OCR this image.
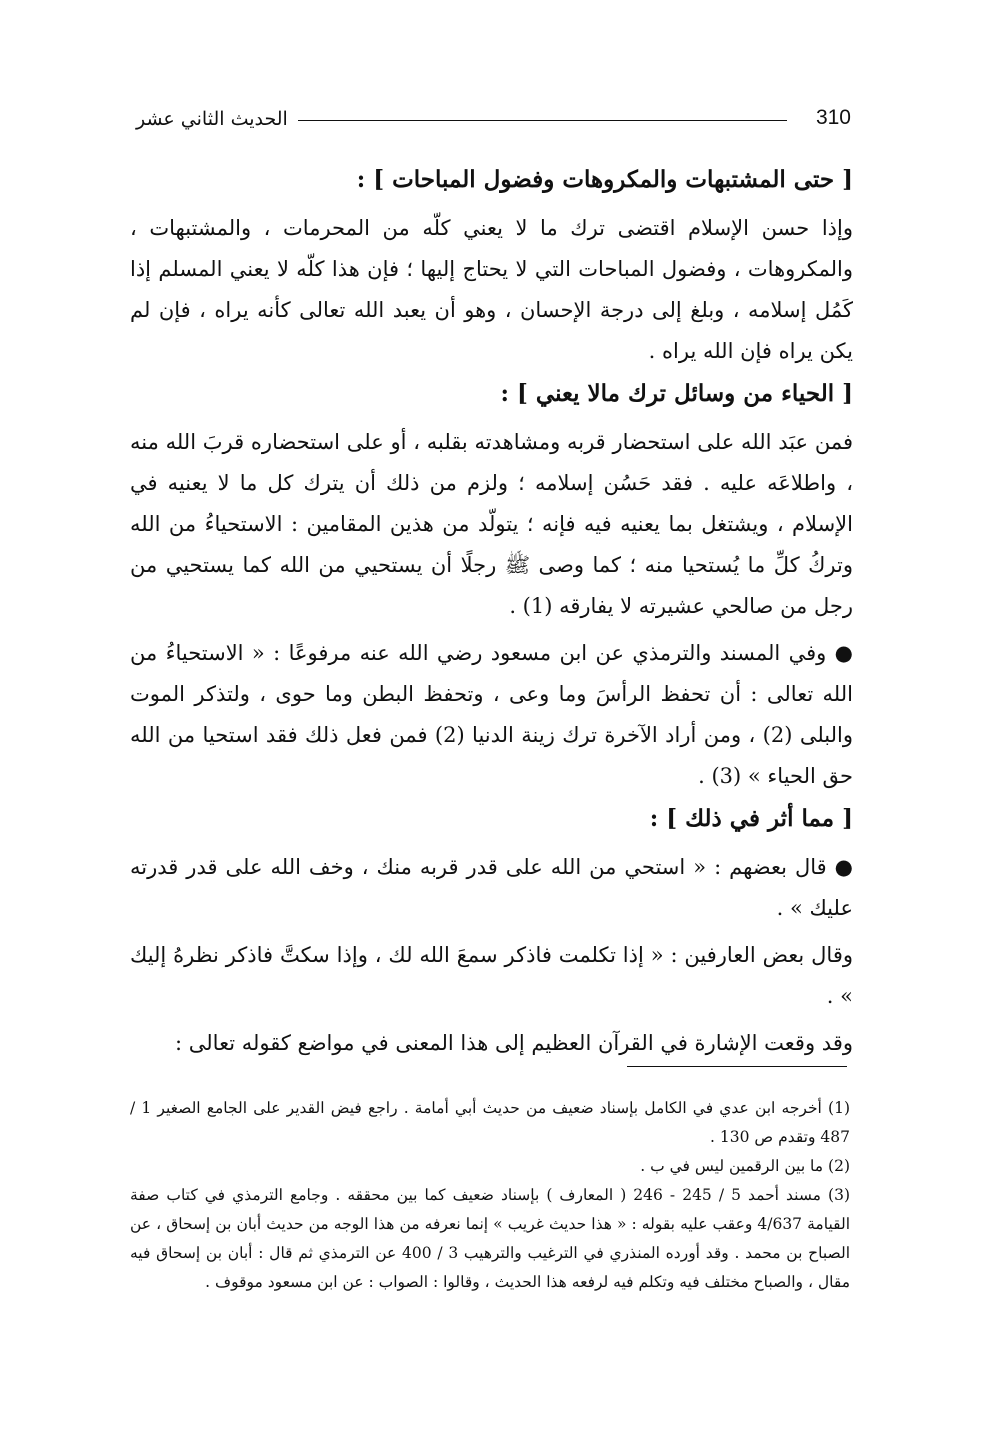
310
الحديث الثاني عشر

[ حتى المشتبهات والمكروهات وفضول المباحات ] :

وإذا حسن الإسلام اقتضى ترك ما لا يعني كلّه من المحرمات ، والمشتبهات ، والمكروهات ، وفضول المباحات التي لا يحتاج إليها ؛ فإن هذا كلّه لا يعني المسلم إذا كَمُل إسلامه ، وبلغ إلى درجة الإحسان ، وهو أن يعبد الله تعالى كأنه يراه ، فإن لم يكن يراه فإن الله يراه .

[ الحياء من وسائل ترك مالا يعني ] :

فمن عبَد الله على استحضار قربه ومشاهدته بقلبه ، أو على استحضاره قربَ الله منه ، واطلاعَه عليه . فقد حَسُن إسلامه ؛ ولزم من ذلك أن يترك كل ما لا يعنيه في الإسلام ، ويشتغل بما يعنيه فيه فإنه ؛ يتولّد من هذين المقامين : الاستحياءُ من الله وتركُ كلِّ ما يُستحيا منه ؛ كما وصى ﷺ رجلًا أن يستحيي من الله كما يستحيي من رجل من صالحي عشيرته لا يفارقه (1) .

● وفي المسند والترمذي عن ابن مسعود رضي الله عنه مرفوعًا : « الاستحياءُ من الله تعالى : أن تحفظ الرأسَ وما وعى ، وتحفظ البطن وما حوى ، ولتذكر الموت والبلى (2) ، ومن أراد الآخرة ترك زينة الدنيا (2) فمن فعل ذلك فقد استحيا من الله حق الحياء » (3) .

[ مما أثر في ذلك ] :

● قال بعضهم : « استحي من الله على قدر قربه منك ، وخف الله على قدر قدرته عليك » .

وقال بعض العارفين : « إذا تكلمت فاذكر سمعَ الله لك ، وإذا سكتَّ فاذكر نظرهُ إليك » .

وقد وقعت الإشارة في القرآن العظيم إلى هذا المعنى في مواضع كقوله تعالى :

(1) أخرجه ابن عدي في الكامل بإسناد ضعيف من حديث أبي أمامة . راجع فيض القدير على الجامع الصغير 1 / 487 وتقدم ص 130 .

(2) ما بين الرقمين ليس في ب .

(3) مسند أحمد 5 / 245 - 246 ( المعارف ) بإسناد ضعيف كما بين محققه . وجامع الترمذي في كتاب صفة القيامة 4/637 وعقب عليه بقوله : « هذا حديث غريب » إنما نعرفه من هذا الوجه من حديث أبان بن إسحاق ، عن الصباح بن محمد . وقد أورده المنذري في الترغيب والترهيب 3 / 400 عن الترمذي ثم قال : أبان بن إسحاق فيه مقال ، والصباح مختلف فيه وتكلم فيه لرفعه هذا الحديث ، وقالوا : الصواب : عن ابن مسعود موقوف .
